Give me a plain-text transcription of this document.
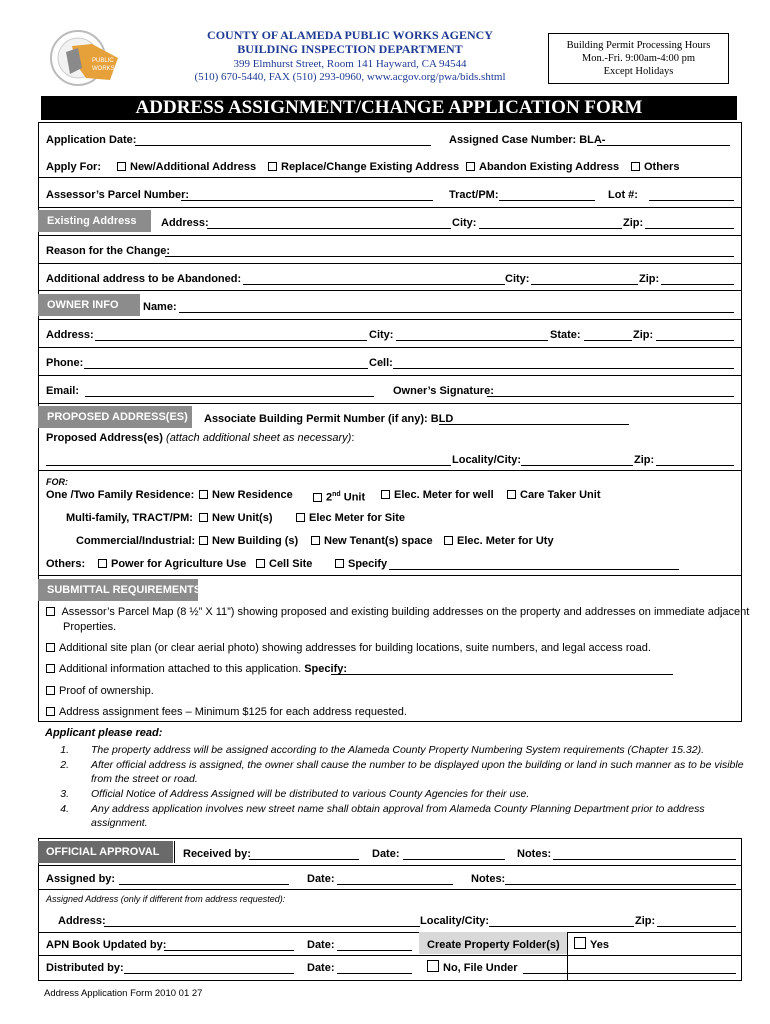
PUBLIC
WORKS
COUNTY OF ALAMEDA PUBLIC WORKS AGENCY
BUILDING INSPECTION DEPARTMENT
399 Elmhurst Street, Room 141 Hayward, CA 94544
(510) 670-5440, FAX (510) 293-0960, www.acgov.org/pwa/bids.shtml
Building Permit Processing Hours
Mon.-Fri. 9:00am-4:00 pm
Except Holidays
ADDRESS ASSIGNMENT/CHANGE APPLICATION FORM
Application Date:	Assigned Case Number: BLA-
Apply For:	New/Additional Address	Replace/Change Existing Address	Abandon Existing Address	Others
Assessor’s Parcel Number:	Tract/PM:	Lot #:
Existing Address	Address:	City:	Zip:
Reason for the Change:
Additional address to be Abandoned:	City:	Zip:
OWNER INFO	Name:
Address:	City:	State:	Zip:
Phone:	Cell:
Email:	Owner’s Signature:
PROPOSED ADDRESS(ES)	Associate Building Permit Number (if any): BLD
Proposed Address(es) (attach additional sheet as necessary):
Locality/City:	Zip:
FOR:
One /Two Family Residence:	New Residence	2nd Unit	Elec. Meter for well	Care Taker Unit
Multi-family, TRACT/PM:	New Unit(s)	Elec Meter for Site
Commercial/Industrial:	New Building (s)	New Tenant(s) space	Elec. Meter for Uty
Others:	Power for Agriculture Use	Cell Site	Specify
SUBMITTAL REQUIREMENTS
Assessor’s Parcel Map (8 ½” X 11”) showing proposed and existing building addresses on the property and addresses on immediate adjacent
Properties.
Additional site plan (or clear aerial photo) showing addresses for building locations, suite numbers, and legal access road.
Additional information attached to this application. Specify:
Proof of ownership.
Address assignment fees – Minimum $125 for each address requested.
Applicant please read:
1.	The property address will be assigned according to the Alameda County Property Numbering System requirements (Chapter 15.32).
2.	After official address is assigned, the owner shall cause the number to be displayed upon the building or land in such manner as to be visible from the street or road.
3.	Official Notice of Address Assigned will be distributed to various County Agencies for their use.
4.	Any address application involves new street name shall obtain approval from Alameda County Planning Department prior to address assignment.
OFFICIAL APPROVAL	Received by:	Date:	Notes:
Assigned by:	Date:	Notes:
Assigned Address (only if different from address requested):
Address:	Locality/City:	Zip:
APN Book Updated by:	Date:	Create Property Folder(s)	Yes
Distributed by:	Date:	No, File Under
Address Application Form 2010 01 27
